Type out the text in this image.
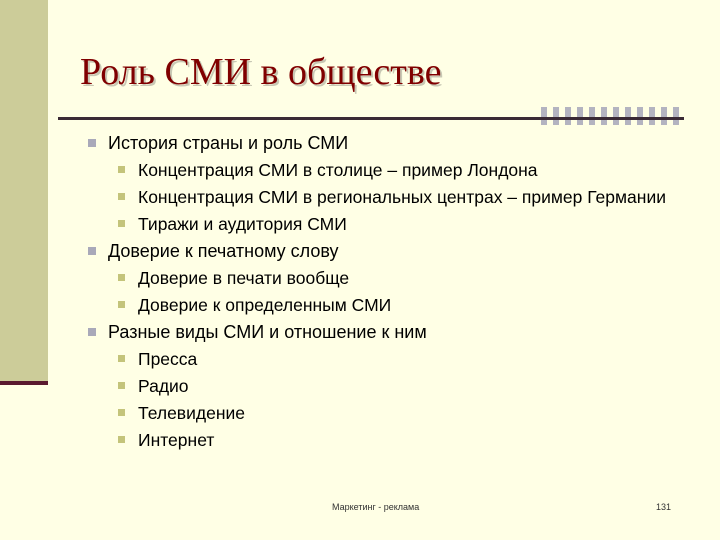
Роль СМИ в обществе
История страны и роль СМИ
Концентрация СМИ в столице – пример Лондона
Концентрация СМИ в региональных центрах – пример Германии
Тиражи и аудитория СМИ
Доверие к печатному слову
Доверие в печати вообще
Доверие к определенным СМИ
Разные виды СМИ и отношение к ним
Пресса
Радио
Телевидение
Интернет
Маркетинг - реклама	131
